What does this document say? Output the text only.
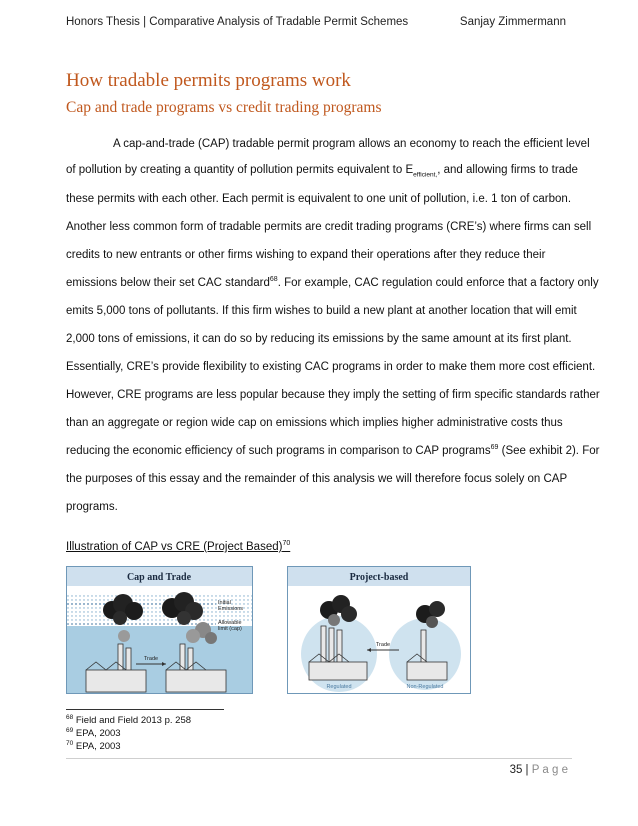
Honors Thesis | Comparative Analysis of Tradable Permit Schemes	Sanjay Zimmermann
How tradable permits programs work
Cap and trade programs vs credit trading programs
A cap-and-trade (CAP) tradable permit program allows an economy to reach the efficient level
of pollution by creating a quantity of pollution permits equivalent to $E_{efficient,}$, and allowing firms to trade
these permits with each other. Each permit is equivalent to one unit of pollution, i.e. 1 ton of carbon.
Another less common form of tradable permits are credit trading programs (CRE’s) where firms can sell
credits to new entrants or other firms wishing to expand their operations after they reduce their
emissions below their set CAC standard$^{68}$. For example, CAC regulation could enforce that a factory only
emits 5,000 tons of pollutants. If this firm wishes to build a new plant at another location that will emit
2,000 tons of emissions, it can do so by reducing its emissions by the same amount at its first plant.
Essentially, CRE’s provide flexibility to existing CAC programs in order to make them more cost efficient.
However, CRE programs are less popular because they imply the setting of firm specific standards rather
than an aggregate or region wide cap on emissions which implies higher administrative costs thus
reducing the economic efficiency of such programs in comparison to CAP programs$^{69}$ (See exhibit 2). For
the purposes of this essay and the remainder of this analysis we will therefore focus solely on CAP
programs.
Illustration of CAP vs CRE (Project Based)$^{70}$
Cap and Trade
Initial
Emissions
Allowable
limit (cap)
Trade
Project-based
Trade
Regulated	Non-Regulated
$^{68}$ Field and Field 2013 p. 258
$^{69}$ EPA, 2003
$^{70}$ EPA, 2003
35 | P a g e
